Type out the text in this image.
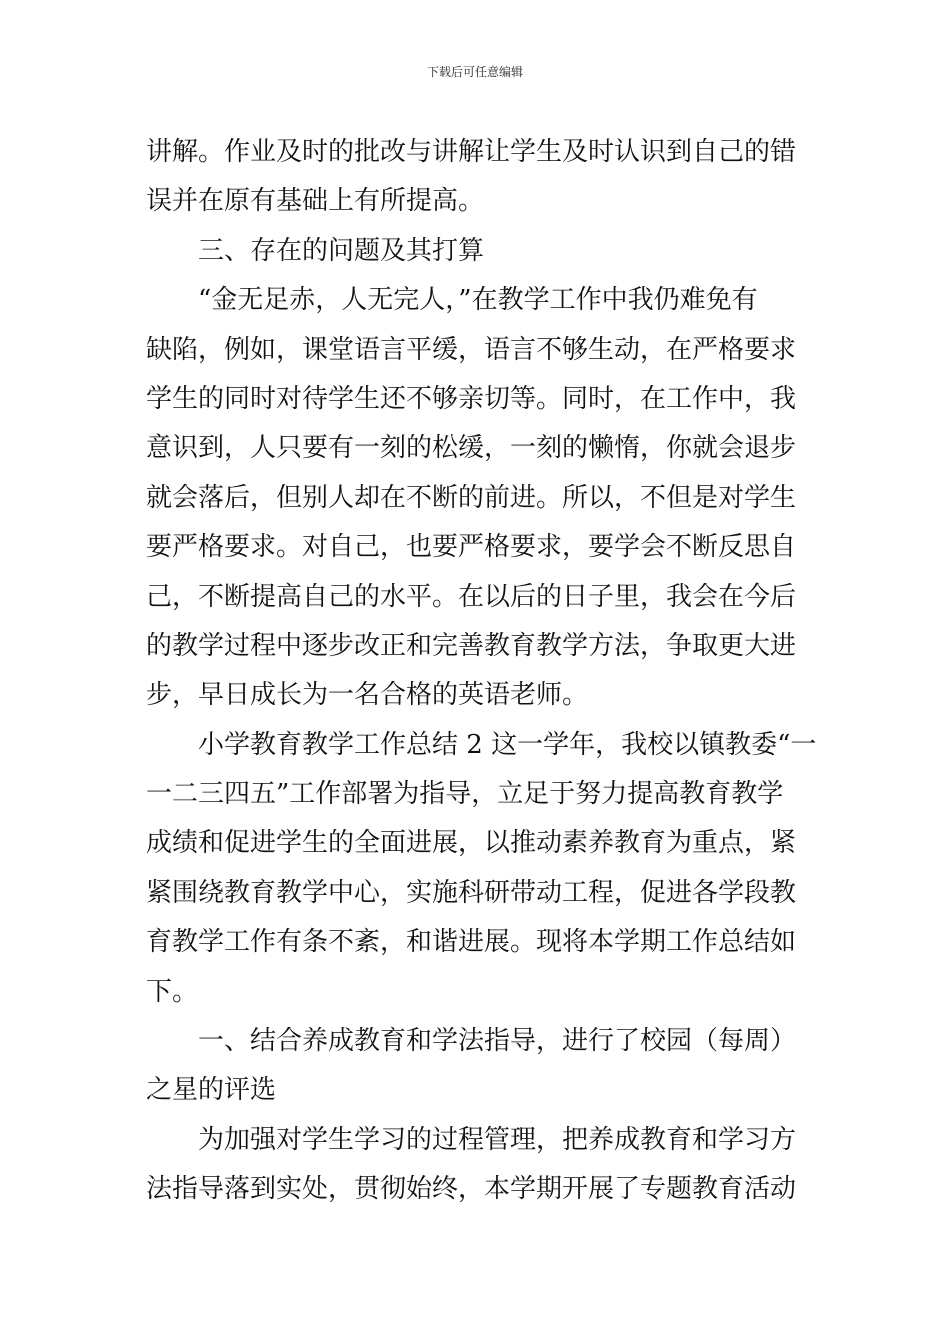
下载后可任意编辑
讲解。作业及时的批改与讲解让学生及时认识到自己的错
误并在原有基础上有所提高。
三、存在的问题及其打算
“金无足赤，人无完人，”在教学工作中我仍难免有
缺陷，例如，课堂语言平缓，语言不够生动，在严格要求
学生的同时对待学生还不够亲切等。同时，在工作中，我
意识到，人只要有一刻的松缓，一刻的懒惰，你就会退步
就会落后，但别人却在不断的前进。所以，不但是对学生
要严格要求。对自己，也要严格要求，要学会不断反思自
己，不断提高自己的水平。在以后的日子里，我会在今后
的教学过程中逐步改正和完善教育教学方法，争取更大进
步，早日成长为一名合格的英语老师。
小学教育教学工作总结 2 这一学年，我校以镇教委“一
一二三四五”工作部署为指导，立足于努力提高教育教学
成绩和促进学生的全面进展，以推动素养教育为重点，紧
紧围绕教育教学中心，实施科研带动工程，促进各学段教
育教学工作有条不紊，和谐进展。现将本学期工作总结如
下。
一、结合养成教育和学法指导，进行了校园（每周）
之星的评选
为加强对学生学习的过程管理，把养成教育和学习方
法指导落到实处，贯彻始终，本学期开展了专题教育活动
